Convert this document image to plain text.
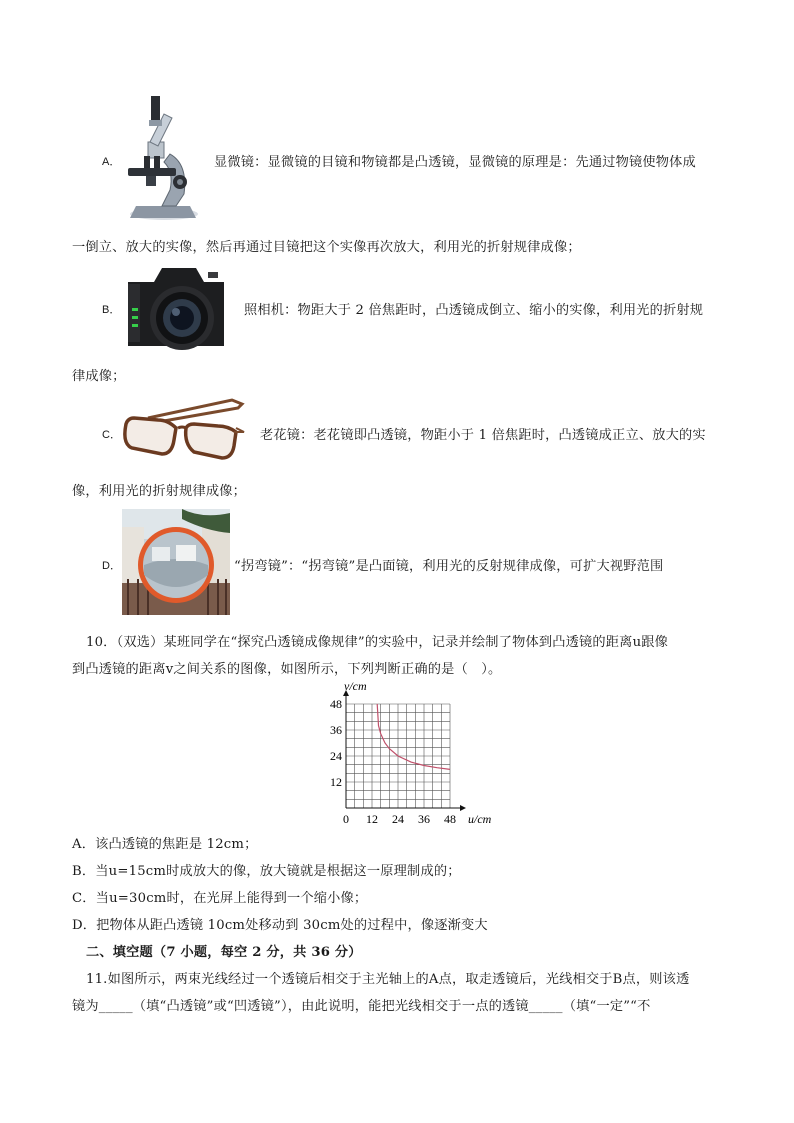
A．	显微镜：显微镜的目镜和物镜都是凸透镜，显微镜的原理是：先通过物镜使物体成
一倒立、放大的实像，然后再通过目镜把这个实像再次放大，利用光的折射规律成像；
B．	照相机：物距大于 2 倍焦距时，凸透镜成倒立、缩小的实像，利用光的折射规
律成像；
C．	老花镜：老花镜即凸透镜，物距小于 1 倍焦距时，凸透镜成正立、放大的实
像，利用光的折射规律成像；
D．	“拐弯镜”：“拐弯镜”是凸面镜，利用光的反射规律成像，可扩大视野范围
10．（双选）某班同学在“探究凸透镜成像规律”的实验中，记录并绘制了物体到凸透镜的距离u跟像
到凸透镜的距离v之间关系的图像，如图所示，下列判断正确的是（　）。
0 12 24 36 48
12
24
36
48
u/cm
v/cm
A．该凸透镜的焦距是 12cm；
B．当u=15cm时成放大的像，放大镜就是根据这一原理制成的；
C．当u=30cm时，在光屏上能得到一个缩小像；
D．把物体从距凸透镜 10cm处移动到 30cm处的过程中，像逐渐变大
二、填空题（7 小题，每空 2 分，共 36 分）
11.如图所示，两束光线经过一个透镜后相交于主光轴上的A点，取走透镜后，光线相交于B点，则该透
镜为_____（填“凸透镜”或“凹透镜”），由此说明，能把光线相交于一点的透镜_____（填“一定”“不
